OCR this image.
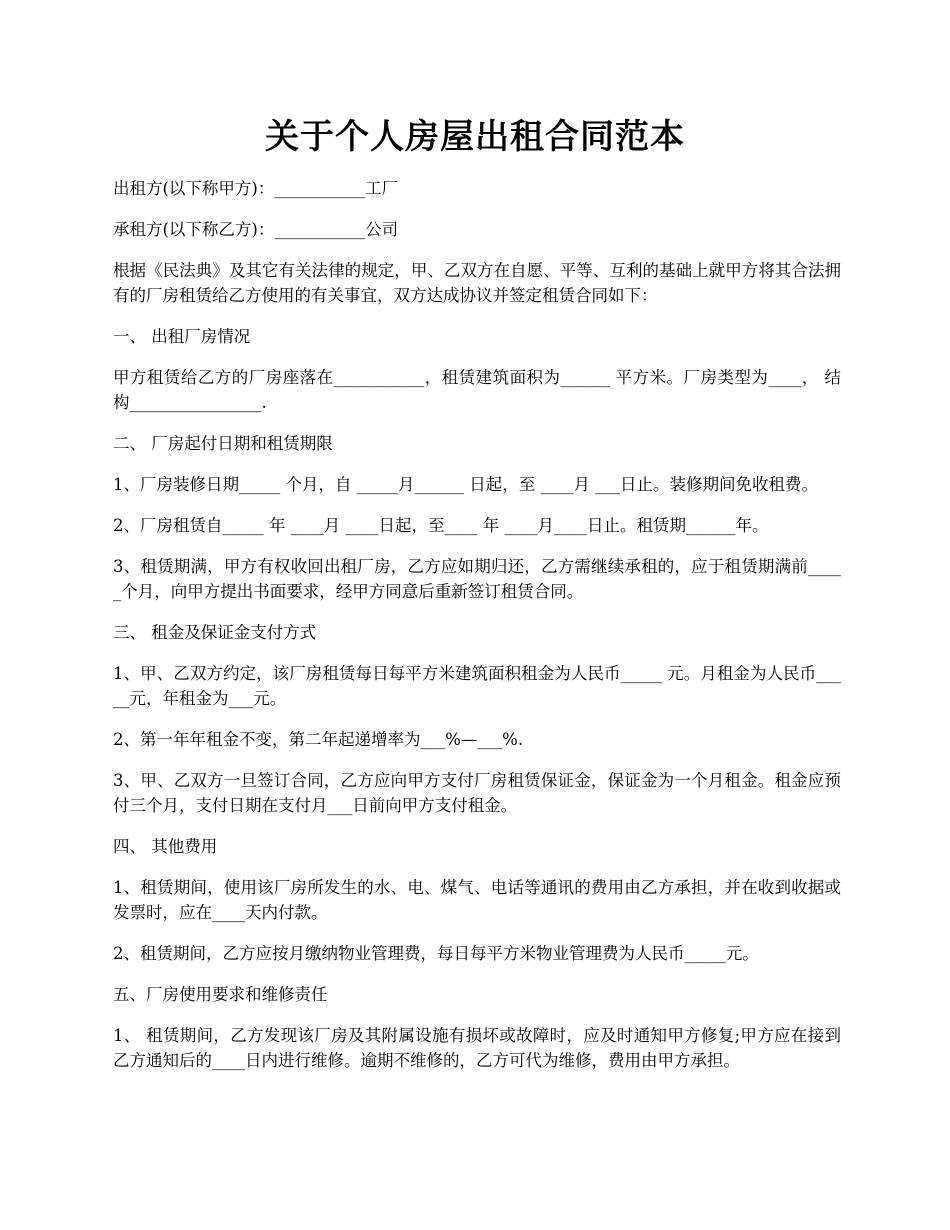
关于个人房屋出租合同范本

出租方(以下称甲方)：___________工厂

承租方(以下称乙方)：___________公司

根据《民法典》及其它有关法律的规定，甲、乙双方在自愿、平等、互利的基础上就甲方将其合法拥有的厂房租赁给乙方使用的有关事宜，双方达成协议并签定租赁合同如下：

一、 出租厂房情况

甲方租赁给乙方的厂房座落在___________，租赁建筑面积为______ 平方米。厂房类型为____， 结构________________.

二、 厂房起付日期和租赁期限

1、厂房装修日期_____ 个月，自 _____月______ 日起，至 ____月 ___日止。装修期间免收租费。

2、厂房租赁自_____ 年 ____月 ____日起，至____ 年 ____月____日止。租赁期______年。

3、租赁期满，甲方有权收回出租厂房，乙方应如期归还，乙方需继续承租的，应于租赁期满前_____个月，向甲方提出书面要求，经甲方同意后重新签订租赁合同。

三、 租金及保证金支付方式

1、甲、乙双方约定，该厂房租赁每日每平方米建筑面积租金为人民币_____ 元。月租金为人民币_____元，年租金为___元。

2、第一年年租金不变，第二年起递增率为___%—___%.

3、甲、乙双方一旦签订合同，乙方应向甲方支付厂房租赁保证金，保证金为一个月租金。租金应预付三个月，支付日期在支付月___日前向甲方支付租金。

四、 其他费用

1、租赁期间，使用该厂房所发生的水、电、煤气、电话等通讯的费用由乙方承担，并在收到收据或发票时，应在____天内付款。

2、租赁期间，乙方应按月缴纳物业管理费，每日每平方米物业管理费为人民币_____元。

五、厂房使用要求和维修责任

1、 租赁期间，乙方发现该厂房及其附属设施有损坏或故障时，应及时通知甲方修复;甲方应在接到乙方通知后的____日内进行维修。逾期不维修的，乙方可代为维修，费用由甲方承担。
